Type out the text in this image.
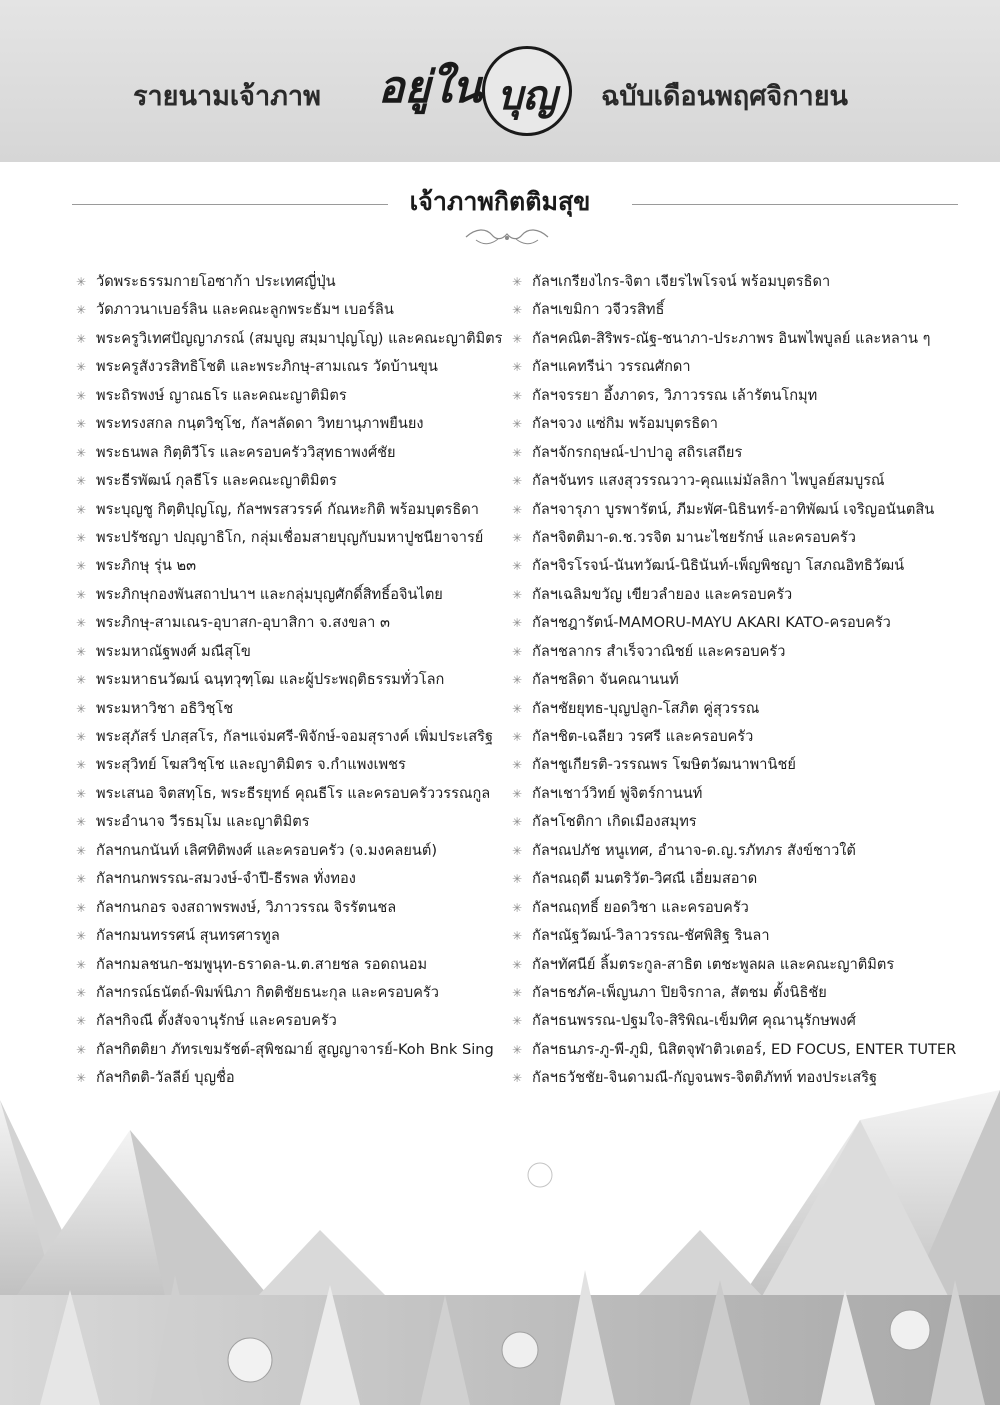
รายนามเจ้าภาพ อยู่ใน บุญ	ฉบับเดือนพฤศจิกายน
เจ้าภาพกิตติมสุข
✳ วัดพระธรรมกายโอซาก้า ประเทศญี่ปุ่น
✳ วัดภาวนาเบอร์ลิน และคณะลูกพระธัมฯ เบอร์ลิน
✳ พระครูวิเทศปัญญาภรณ์ (สมบูญ สมฺมาปุญโญ) และคณะญาติมิตร
✳ พระครูสังวรสิทธิโชติ และพระภิกษุ-สามเณร วัดบ้านขุน
✳ พระถิรพงษ์ ญาณธโร และคณะญาติมิตร
✳ พระทรงสกล กนฺตวิชฺโช, กัลฯลัดดา วิทยานุภาพยืนยง
✳ พระธนพล กิตฺติวีโร และครอบครัววิสุทธาพงศ์ชัย
✳ พระธีรพัฒน์ กุลธีโร และคณะญาติมิตร
✳ พระบุญชู กิตฺติปุญโญ, กัลฯพรสวรรค์ กัณหะกิติ พร้อมบุตรธิดา
✳ พระปรัชญา ปญฺญาธิโก, กลุ่มเชื่อมสายบุญกับมหาปูชนียาจารย์
✳ พระภิกษุ รุ่น ๒๓
✳ พระภิกษุกองพันสถาปนาฯ และกลุ่มบุญศักดิ์สิทธิ์อจินไตย
✳ พระภิกษุ-สามเณร-อุบาสก-อุบาสิกา จ.สงขลา ๓
✳ พระมหาณัฐพงศ์ มณีสุโข
✳ พระมหาธนวัฒน์ ฉนฺทวุฑฺโฒ และผู้ประพฤติธรรมทั่วโลก
✳ พระมหาวิชา อธิวิชฺโช
✳ พระสุภัสร์ ปภสฺสโร, กัลฯแจ่มศรี-พิจักษ์-จอมสุรางค์ เพิ่มประเสริฐ
✳ พระสุวิทย์ โฆสวิชฺโช และญาติมิตร จ.กำแพงเพชร
✳ พระเสนอ จิตสทฺโธ, พระธีรยุทธ์ คุณธีโร และครอบครัววรรณกูล
✳ พระอำนาจ วีรธมฺโม และญาติมิตร
✳ กัลฯกนกนันท์ เลิศทิติพงศ์ และครอบครัว (จ.มงคลยนต์)
✳ กัลฯกนกพรรณ-สมวงษ์-จำปี-ธีรพล ทั่งทอง
✳ กัลฯกนกอร จงสถาพรพงษ์, วิภาวรรณ จิรรัตนชล
✳ กัลฯกมนทรรศน์ สุนทรศารทูล
✳ กัลฯกมลชนก-ชมพูนุท-ธราดล-น.ต.สายชล รอดถนอม
✳ กัลฯกรณ์ธนัตถ์-พิมพ์นิภา กิตติชัยธนะกุล และครอบครัว
✳ กัลฯกิจณี ตั้งสัจจานุรักษ์ และครอบครัว
✳ กัลฯกิตติยา ภัทรเขมรัชต์-สุพิชฌาย์ สูญญาจารย์-Koh Bnk Sing
✳ กัลฯกิตติ-วัลลีย์ บุญชื่อ
✳ กัลฯเกรียงไกร-จิตา เจียรไพโรจน์ พร้อมบุตรธิดา
✳ กัลฯเขมิกา วจีวรสิทธิ์
✳ กัลฯคณิต-สิริพร-ณัฐ-ชนาภา-ประภาพร อินพไพบูลย์ และหลาน ๆ
✳ กัลฯแคทรีน่า วรรณศักดา
✳ กัลฯจรรยา อึ้งภาดร, วิภาวรรณ เล้ารัตนโกมุท
✳ กัลฯจวง แซ่กิม พร้อมบุตรธิดา
✳ กัลฯจักรกฤษณ์-ปาปาอู สถิรเสถียร
✳ กัลฯจันทร แสงสุวรรณวาว-คุณแม่มัลลิกา ไพบูลย์สมบูรณ์
✳ กัลฯจารุภา บูรพารัตน์, ภีมะพัศ-นิธินทร์-อาทิพัฒน์ เจริญอนันตสิน
✳ กัลฯจิตติมา-ด.ช.วรจิต มานะไชยรักษ์ และครอบครัว
✳ กัลฯจิรโรจน์-นันทวัฒน์-นิธินันท์-เพ็ญพิชญา โสภณอิทธิวัฒน์
✳ กัลฯเฉลิมขวัญ เขียวลำยอง และครอบครัว
✳ กัลฯชฎารัตน์-MAMORU-MAYU AKARI KATO-ครอบครัว
✳ กัลฯชลากร สำเร็จวาณิชย์ และครอบครัว
✳ กัลฯชลิดา จันคณานนท์
✳ กัลฯชัยยุทธ-บุญปลูก-โสภิต คู่สุวรรณ
✳ กัลฯชิต-เฉลียว วรศรี และครอบครัว
✳ กัลฯชูเกียรติ-วรรณพร โฆษิตวัฒนาพานิชย์
✳ กัลฯเชาว์วิทย์ พู่จิตร์กานนท์
✳ กัลฯโชติกา เกิดเมืองสมุทร
✳ กัลฯณปภัช หนูเทศ, อำนาจ-ด.ญ.รภัทภร สังข์ชาวใต้
✳ กัลฯณฤดี มนตริวัต-วิศณี เอี่ยมสอาด
✳ กัลฯณฤทธิ์ ยอดวิชา และครอบครัว
✳ กัลฯณัฐวัฒน์-วิลาวรรณ-ชัศพิสิฐ รินลา
✳ กัลฯทัศนีย์ ลิ้มตระกูล-สาธิต เตชะพูลผล และคณะญาติมิตร
✳ กัลฯธชภัค-เพ็ญนภา ปิยจิรกาล, สัตชม ตั้งนิธิชัย
✳ กัลฯธนพรรณ-ปฐมใจ-สิริพิณ-เข็มทิศ คุณานุรักษพงศ์
✳ กัลฯธนภร-ภู-พี-ภูมิ, นิสิตจุฬาติวเตอร์, ED FOCUS, ENTER TUTER
✳ กัลฯธวัชชัย-จินดามณี-กัญจนพร-จิตติภัทท์ ทองประเสริฐ
